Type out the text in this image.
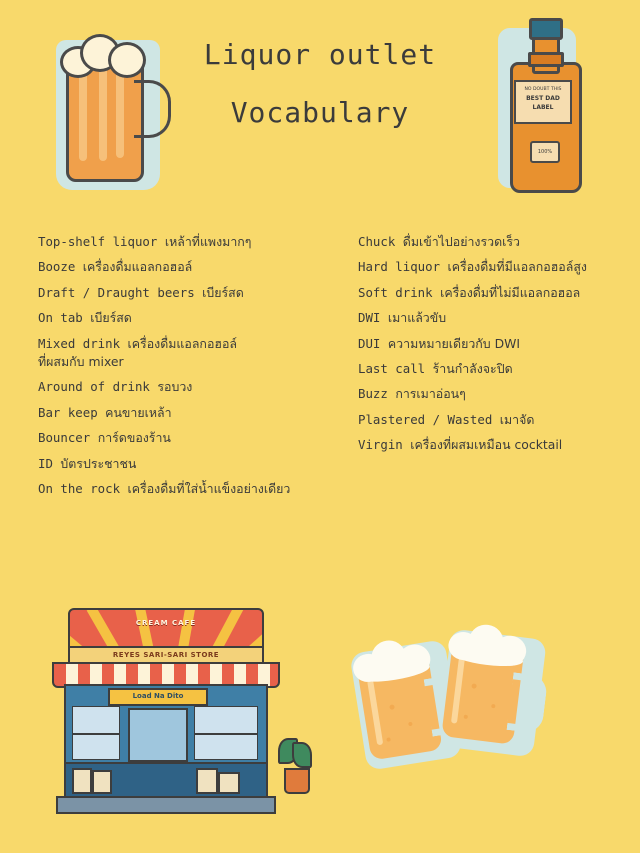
Liquor outlet
Vocabulary
NO DOUBT THIS
BEST DAD LABEL
100%
Top-shelf liquor เหล้าที่แพงมากๆ
Booze เครื่องดื่มแอลกอฮอล์
Draft / Draught beers เบียร์สด
On tab เบียร์สด
Mixed drink เครื่องดื่มแอลกอฮอล์
ที่ผสมกับ mixer
Around of drink รอบวง
Bar keep คนขายเหล้า
Bouncer การ์ดของร้าน
ID บัตรประชาชน
On the rock เครื่องดื่มที่ใส่น้ำแข็งอย่างเดียว
Chuck ดื่มเข้าไปอย่างรวดเร็ว
Hard liquor เครื่องดื่มที่มีแอลกอฮอล์สูง
Soft drink เครื่องดื่มที่ไม่มีแอลกอฮอล
DWI เมาแล้วขับ
DUI ความหมายเดียวกับ DWI
Last call ร้านกำลังจะปิด
Buzz การเมาอ่อนๆ
Plastered / Wasted เมาจัด
Virgin เครื่องที่ผสมเหมือน cocktail
CREAM CAFE
REYES SARI-SARI STORE
Load Na Dito
